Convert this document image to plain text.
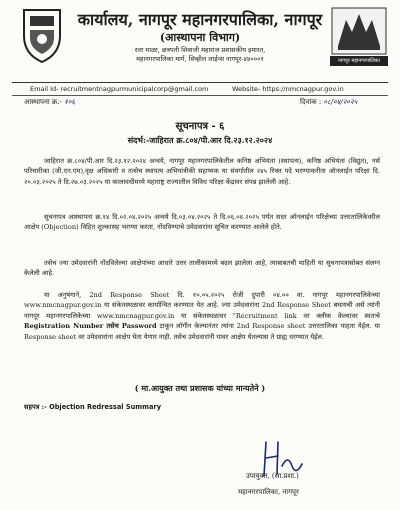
कार्यालय, नागपूर महानगरपालिका, नागपूर
(आस्थापना विभाग)
रला माळा, छत्रपती शिवाजी महाराज प्रशासकीय इमारत,
महानगरपालिका मार्ग, सिव्हील लाईन्स नागपूर-४४०००१	नागपूर महानगरपालिका
Email Id- recruitmentnagpurmunicipalcorp@gmail.com	Website- https://nmcnagpur.gov.in
आस्थापना क्र.- १०६	दिनांक : ०८/०४/२०२५
सूचनापत्र - ६
संदर्भ:-जाहिरात क्र.८०४/पी.आर दि.२३.१२.२०२४
जाहिरात क्र.८०४/पी.आर दि.२३.१२.२०२४ अन्वये, नागपूर महानगरपालिकेतील कनिष्ठ अभियंता (स्थापत्य), कनिष्ठ अभियंता (विद्युत), नर्स परिचारीका (जी.एन.एम),वृक्ष अधिकारी व तत्सेच स्थापत्य अभियांत्रीकी सहाय्यक या संवर्गातील २४५ रिक्त पदे भरण्याकरीता ऑनलाईन परिक्षा दि. २०.०३.२०२५ ते दि.२७.०३.२०२५ या कालावधीमध्ये महाराष्ट्र राज्यातील विविध परिक्षा केंद्रावर संपन्न झालेली आहे.
सूचनापत्र आस्थापना क्र.१४ दि.०२.०४.२०२५ अन्वये दि.०३.०४.२०२५ ते दि.०६.०४.२०२५ पर्यंत सदर ऑनलाईन परिक्षेच्या उत्तरतालिकेवरील आक्षेप (Objection) विहित शुल्कासह भरण्या करता, नोंदविण्याचे उमेदवारांना सूचित करण्यात आलेले होते.
तसेच ज्या उमेदवारांनी नोंदविलेल्या आक्षेपांच्या आधारे उत्तर तालीकामध्ये बदल झालेला आहे, त्याबाबतची माहिती या सूचनापत्रासोबत संलग्न केलेली आहे.
या अनुषंगाने, 2nd Response Sheet दि. १०.०५.२०२५ रोजी दुपारी ०४.०० वा. नागपूर महानगरपालिकेच्या www.nmcnagpur.gov.in या संकेतस्थळावर कार्यान्वित करण्यात येत आहे. ज्या उमेदवारांना 2nd Response Sheet बघायची असे त्यांनी नागपूर महानगरपालिकेच्या www.nmcnagpur.gov.in या संकेतस्थळावर "Recruitment link वर क्लीक केल्यावर स्वतःचे Registration Number तसेच Password टाकून लॉगीन केल्यानंतर त्यांना 2nd Response sheet उत्तरतालिका पाहता येईल. या Response sheet वर उमेदवारांना आक्षेप घेता येणार नाही. तसेच उमेदवारांनी यावर आक्षेप घेतल्यास ते ग्राह्य धरण्यात येईल.
( मा.आयुक्त तथा प्रशासक यांच्या मान्यतेने )
सहपत्र :- Objection Redressal Summary
उपायुक्त, (सा.प्रशा.)
महानगरपालिका, नागपूर
